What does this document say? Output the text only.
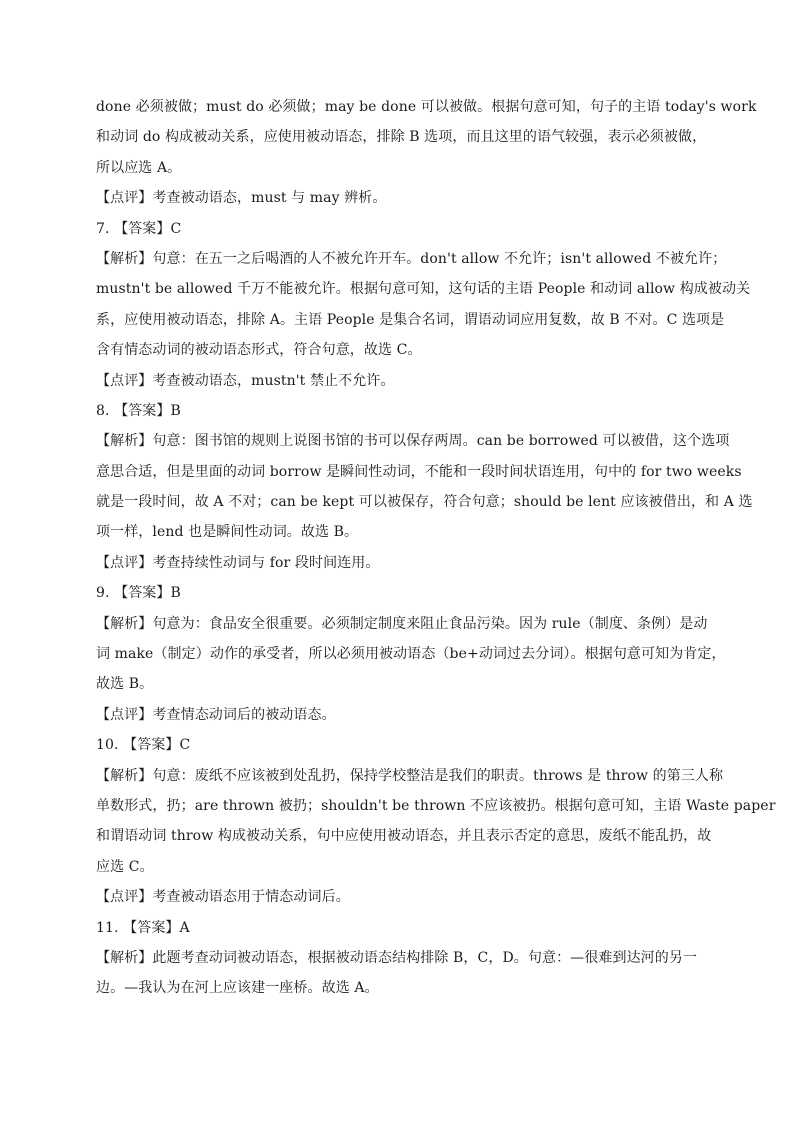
done 必须被做；must do 必须做；may be done 可以被做。根据句意可知，句子的主语 today's work
和动词 do 构成被动关系，应使用被动语态，排除 B 选项，而且这里的语气较强，表示必须被做，
所以应选 A。
【点评】考查被动语态，must 与 may 辨析。
7. 【答案】C
【解析】句意：在五一之后喝酒的人不被允许开车。don't allow 不允许；isn't allowed 不被允许；
mustn't be allowed 千万不能被允许。根据句意可知，这句话的主语 People 和动词 allow 构成被动关
系，应使用被动语态，排除 A。主语 People 是集合名词，谓语动词应用复数，故 B 不对。C 选项是
含有情态动词的被动语态形式，符合句意，故选 C。
【点评】考查被动语态，mustn't 禁止不允许。
8. 【答案】B
【解析】句意：图书馆的规则上说图书馆的书可以保存两周。can be borrowed 可以被借，这个选项
意思合适，但是里面的动词 borrow 是瞬间性动词，不能和一段时间状语连用，句中的 for two weeks
就是一段时间，故 A 不对；can be kept 可以被保存，符合句意；should be lent 应该被借出，和 A 选
项一样，lend 也是瞬间性动词。故选 B。
【点评】考查持续性动词与 for 段时间连用。
9. 【答案】B
【解析】句意为：食品安全很重要。必须制定制度来阻止食品污染。因为 rule（制度、条例）是动
词 make（制定）动作的承受者，所以必须用被动语态（be+动词过去分词）。根据句意可知为肯定，
故选 B。
【点评】考查情态动词后的被动语态。
10. 【答案】C
【解析】句意：废纸不应该被到处乱扔，保持学校整洁是我们的职责。throws 是 throw 的第三人称
单数形式，扔；are thrown 被扔；shouldn't be thrown 不应该被扔。根据句意可知，主语 Waste paper
和谓语动词 throw 构成被动关系，句中应使用被动语态，并且表示否定的意思，废纸不能乱扔，故
应选 C。
【点评】考查被动语态用于情态动词后。
11. 【答案】A
【解析】此题考查动词被动语态，根据被动语态结构排除 B，C，D。句意：—很难到达河的另一
边。—我认为在河上应该建一座桥。故选 A。
